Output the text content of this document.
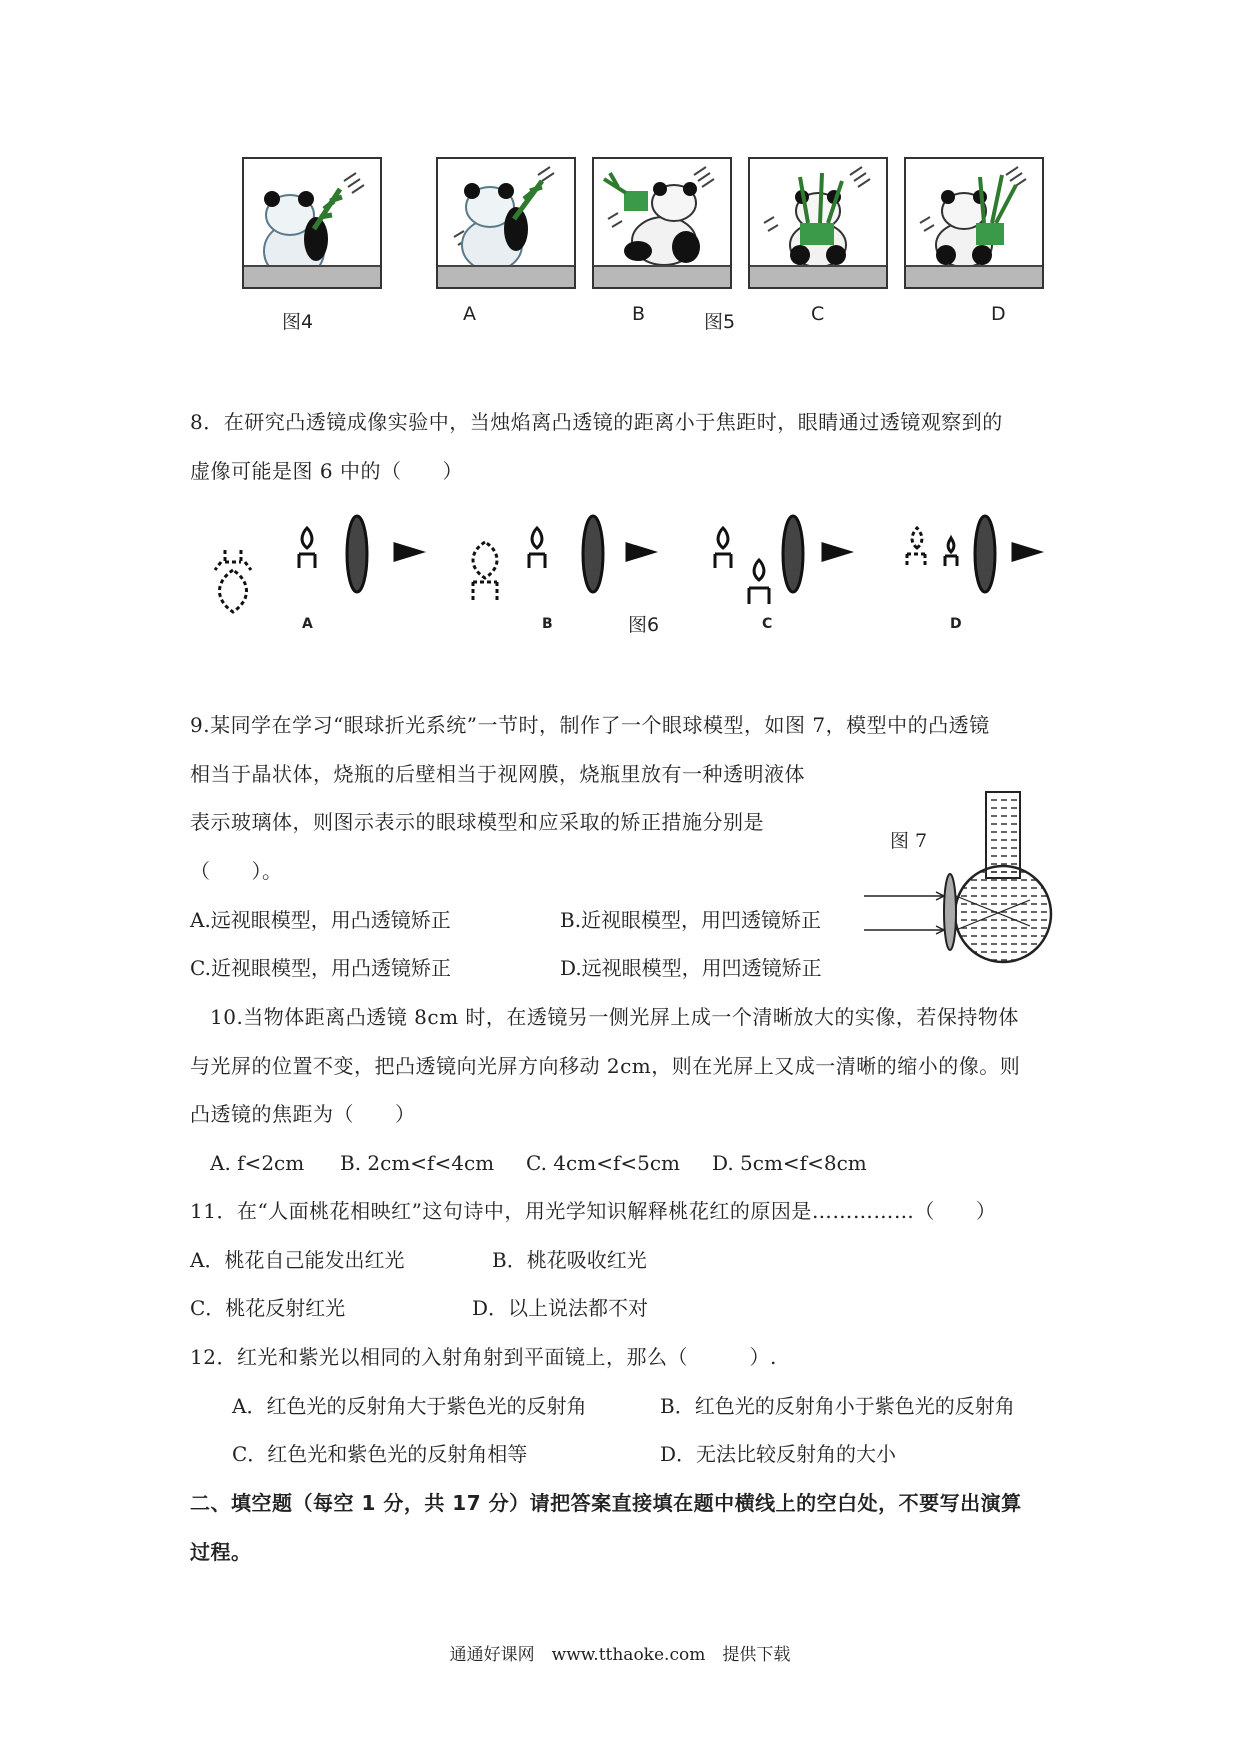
图4	A	B	图5	C	D
8．在研究凸透镜成像实验中，当烛焰离凸透镜的距离小于焦距时，眼睛通过透镜观察到的
虚像可能是图 6 中的（　　）
A	B	图6	C	D
9.某同学在学习“眼球折光系统”一节时，制作了一个眼球模型，如图 7，模型中的凸透镜
相当于晶状体，烧瓶的后壁相当于视网膜，烧瓶里放有一种透明液体
表示玻璃体，则图示表示的眼球模型和应采取的矫正措施分别是
（　　）。
A.远视眼模型，用凸透镜矫正	B.近视眼模型，用凹透镜矫正
C.近视眼模型，用凸透镜矫正	D.远视眼模型，用凹透镜矫正
图 7
10.当物体距离凸透镜 8cm 时，在透镜另一侧光屏上成一个清晰放大的实像，若保持物体
与光屏的位置不变，把凸透镜向光屏方向移动 2cm，则在光屏上又成一清晰的缩小的像。则
凸透镜的焦距为（　　）
A. f<2cm B. 2cm<f<4cm C. 4cm<f<5cm D. 5cm<f<8cm
11．在“人面桃花相映红”这句诗中，用光学知识解释桃花红的原因是……………（　　）
A．桃花自己能发出红光	B．桃花吸收红光
C．桃花反射红光	D．以上说法都不对
12．红光和紫光以相同的入射角射到平面镜上，那么（　　　）.
A．红色光的反射角大于紫色光的反射角	B．红色光的反射角小于紫色光的反射角
C．红色光和紫色光的反射角相等	D．无法比较反射角的大小
二、填空题（每空 1 分，共 17 分）请把答案直接填在题中横线上的空白处，不要写出演算
过程。
通通好课网　www.tthaoke.com　提供下载
